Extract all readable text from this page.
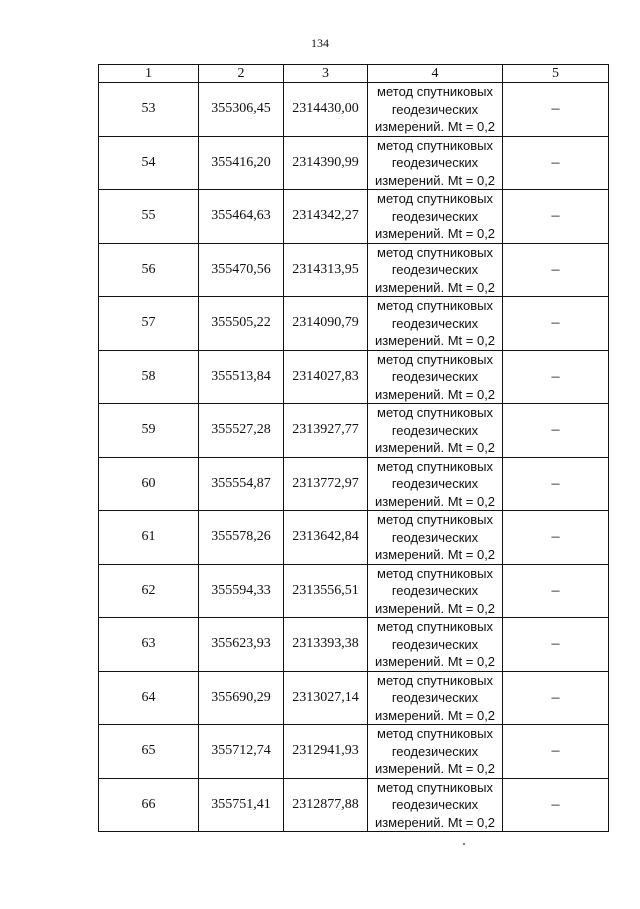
134
1	2	3	4	5
53	355306,45	2314430,00	метод спутниковых геодезических измерений. Mt = 0,2	–
54	355416,20	2314390,99	метод спутниковых геодезических измерений. Mt = 0,2	–
55	355464,63	2314342,27	метод спутниковых геодезических измерений. Mt = 0,2	–
56	355470,56	2314313,95	метод спутниковых геодезических измерений. Mt = 0,2	–
57	355505,22	2314090,79	метод спутниковых геодезических измерений. Mt = 0,2	–
58	355513,84	2314027,83	метод спутниковых геодезических измерений. Mt = 0,2	–
59	355527,28	2313927,77	метод спутниковых геодезических измерений. Mt = 0,2	–
60	355554,87	2313772,97	метод спутниковых геодезических измерений. Mt = 0,2	–
61	355578,26	2313642,84	метод спутниковых геодезических измерений. Mt = 0,2	–
62	355594,33	2313556,51	метод спутниковых геодезических измерений. Mt = 0,2	–
63	355623,93	2313393,38	метод спутниковых геодезических измерений. Mt = 0,2	–
64	355690,29	2313027,14	метод спутниковых геодезических измерений. Mt = 0,2	–
65	355712,74	2312941,93	метод спутниковых геодезических измерений. Mt = 0,2	–
66	355751,41	2312877,88	метод спутниковых геодезических измерений. Mt = 0,2	–
